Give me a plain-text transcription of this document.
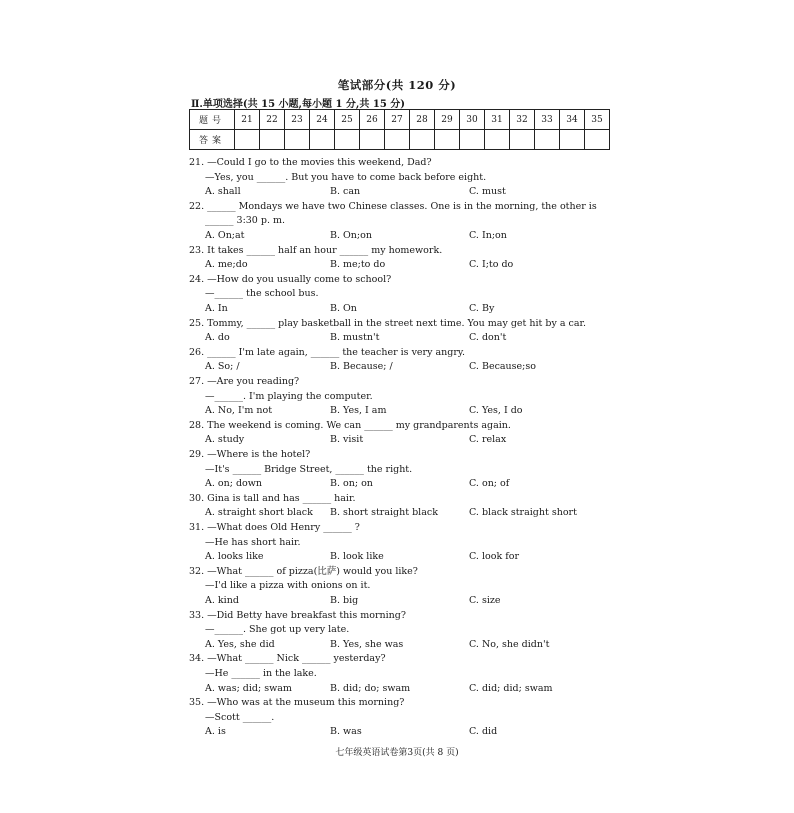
笔试部分(共 120 分)
Ⅱ.单项选择(共 15 小题,每小题 1 分,共 15 分)
题号	21	22	23	24	25	26	27	28	29	30	31	32	33	34	35
答案															
21. —Could I go to the movies this weekend, Dad?
—Yes, you ______. But you have to come back before eight.
A. shall	B. can	C. must
22. ______ Mondays we have two Chinese classes. One is in the morning, the other is
______ 3:30 p. m.
A. On;at	B. On;on	C. In;on
23. It takes ______ half an hour ______ my homework.
A. me;do	B. me;to do	C. I;to do
24. —How do you usually come to school?
—______ the school bus.
A. In	B. On	C. By
25. Tommy, ______ play basketball in the street next time. You may get hit by a car.
A. do	B. mustn't	C. don't
26. ______ I'm late again, ______ the teacher is very angry.
A. So; /	B. Because; /	C. Because;so
27. —Are you reading?
—______. I'm playing the computer.
A. No, I'm not	B. Yes, I am	C. Yes, I do
28. The weekend is coming. We can ______ my grandparents again.
A. study	B. visit	C. relax
29. —Where is the hotel?
—It's ______ Bridge Street, ______ the right.
A. on; down	B. on; on	C. on; of
30. Gina is tall and has ______ hair.
A. straight short black B. short straight black	C. black straight short
31. —What does Old Henry ______ ?
—He has short hair.
A. looks like	B. look like	C. look for
32. —What ______ of pizza(比萨) would you like?
—I'd like a pizza with onions on it.
A. kind	B. big	C. size
33. —Did Betty have breakfast this morning?
—______. She got up very late.
A. Yes, she did	B. Yes, she was	C. No, she didn't
34. —What ______ Nick ______ yesterday?
—He ______ in the lake.
A. was; did; swam	B. did; do; swam	C. did; did; swam
35. —Who was at the museum this morning?
—Scott ______.
A. is	B. was	C. did
七年级英语试卷第3页(共 8 页)
